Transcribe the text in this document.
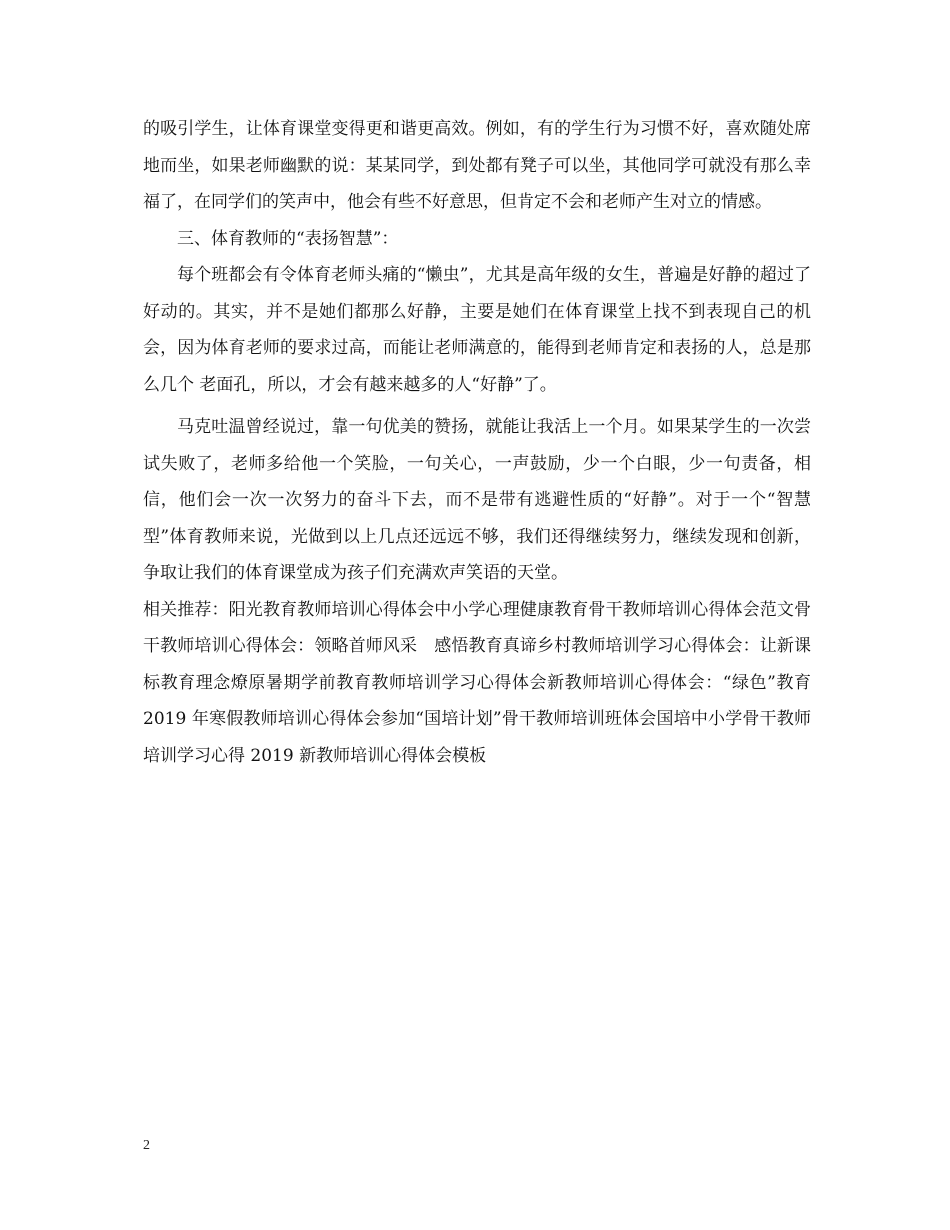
的吸引学生，让体育课堂变得更和谐更高效。例如，有的学生行为习惯不好，喜欢随处席地而坐，如果老师幽默的说：某某同学，到处都有凳子可以坐，其他同学可就没有那么幸福了，在同学们的笑声中，他会有些不好意思，但肯定不会和老师产生对立的情感。

三、体育教师的“表扬智慧”：

每个班都会有令体育老师头痛的“懒虫”，尤其是高年级的女生，普遍是好静的超过了好动的。其实，并不是她们都那么好静，主要是她们在体育课堂上找不到表现自己的机会，因为体育老师的要求过高，而能让老师满意的，能得到老师肯定和表扬的人，总是那么几个 老面孔，所以，才会有越来越多的人“好静”了。

马克吐温曾经说过，靠一句优美的赞扬，就能让我活上一个月。如果某学生的一次尝试失败了，老师多给他一个笑脸，一句关心，一声鼓励，少一个白眼，少一句责备，相信，他们会一次一次努力的奋斗下去，而不是带有逃避性质的“好静”。对于一个“智慧型”体育教师来说，光做到以上几点还远远不够，我们还得继续努力，继续发现和创新，争取让我们的体育课堂成为孩子们充满欢声笑语的天堂。

相关推荐：阳光教育教师培训心得体会中小学心理健康教育骨干教师培训心得体会范文骨干教师培训心得体会：领略首师风采　感悟教育真谛乡村教师培训学习心得体会：让新课标教育理念燎原暑期学前教育教师培训学习心得体会新教师培训心得体会：“绿色”教育 2019 年寒假教师培训心得体会参加“国培计划”骨干教师培训班体会国培中小学骨干教师培训学习心得 2019 新教师培训心得体会模板

2
